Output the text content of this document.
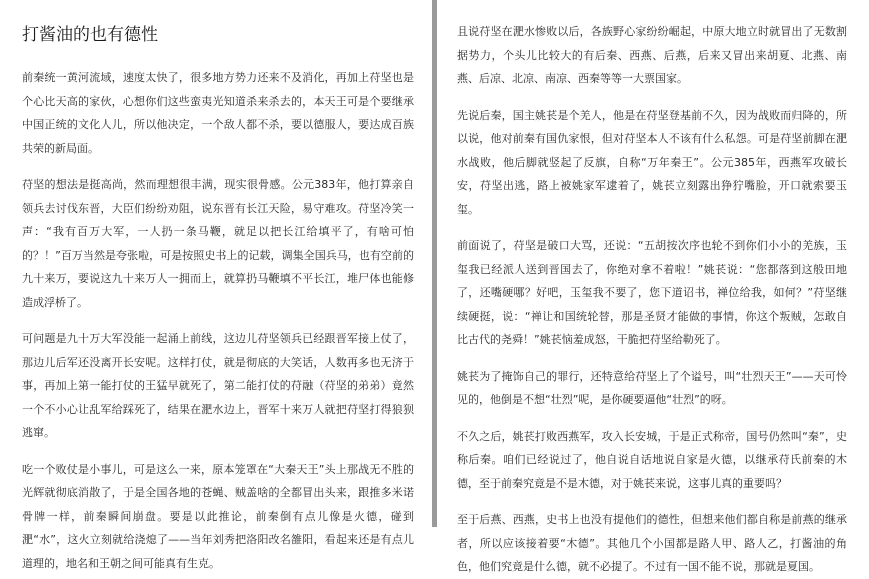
打酱油的也有德性

前秦统一黄河流域，速度太快了，很多地方势力还来不及消化，再加上苻坚也是个心比天高的家伙，心想你们这些蛮夷光知道杀来杀去的，本天王可是个要继承中国正统的文化人儿，所以他决定，一个敌人都不杀，要以德服人，要达成百族共荣的新局面。

苻坚的想法是挺高尚，然而理想很丰满，现实很骨感。公元383年，他打算亲自领兵去讨伐东晋，大臣们纷纷劝阻，说东晋有长江天险，易守难攻。苻坚冷笑一声：“我有百万大军，一人扔一条马鞭，就足以把长江给填平了，有啥可怕的？！”百万当然是夸张啦，可是按照史书上的记载，调集全国兵马，也有空前的九十来万，要说这九十来万人一拥而上，就算扔马鞭填不平长江，堆尸体也能修造成浮桥了。

可问题是九十万大军没能一起涌上前线，这边儿苻坚领兵已经跟晋军接上仗了，那边儿后军还没离开长安呢。这样打仗，就是彻底的大笑话，人数再多也无济于事，再加上第一能打仗的王猛早就死了，第二能打仗的苻融（苻坚的弟弟）竟然一个不小心让乱军给踩死了，结果在淝水边上，晋军十来万人就把苻坚打得狼狈逃窜。

吃一个败仗是小事儿，可是这么一来，原本笼罩在“大秦天王”头上那战无不胜的光辉就彻底消散了，于是全国各地的苍蝇、贼盖啥的全都冒出头来，跟推多米诺骨牌一样，前秦瞬间崩盘。要是以此推论，前秦倒有点儿像是火德，碰到淝“水”，这火立刻就给浇熄了——当年刘秀把洛阳改名雒阳，看起来还是有点儿道理的，地名和王朝之间可能真有生克。

且说苻坚在淝水惨败以后，各族野心家纷纷崛起，中原大地立时就冒出了无数割据势力，个头儿比较大的有后秦、西燕、后燕，后来又冒出来胡夏、北燕、南燕、后凉、北凉、南凉、西秦等等一大票国家。

先说后秦，国主姚苌是个羌人，他是在苻坚登基前不久，因为战败而归降的，所以说，他对前秦有国仇家恨，但对苻坚本人不该有什么私怨。可是苻坚前脚在淝水战败，他后脚就竖起了反旗，自称“万年秦王”。公元385年，西燕军攻破长安，苻坚出逃，路上被姚家军逮着了，姚苌立刻露出狰狞嘴脸，开口就索要玉玺。

前面说了，苻坚是破口大骂，还说：“五胡按次序也轮不到你们小小的羌族，玉玺我已经派人送到晋国去了，你绝对拿不着啦！”姚苌说：“您都落到这般田地了，还嘴硬哪？好吧，玉玺我不要了，您下道诏书，禅位给我，如何？”苻坚继续硬挺，说：“禅让和国统轮替，那是圣贤才能做的事情，你这个叛贼，怎敢自比古代的尧舜！”姚苌恼羞成怒，干脆把苻坚给勒死了。

姚苌为了掩饰自己的罪行，还特意给苻坚上了个谥号，叫“壮烈天王”——天可怜见的，他倒是不想“壮烈”呢，是你硬要逼他“壮烈”的呀。

不久之后，姚苌打败西燕军，攻入长安城，于是正式称帝，国号仍然叫“秦”，史称后秦。咱们已经说过了，他自说自话地说自家是火德，以继承苻氏前秦的木德，至于前秦究竟是不是木德，对于姚苌来说，这事儿真的重要吗？

至于后燕、西燕，史书上也没有提他们的德性，但想来他们都自称是前燕的继承者，所以应该接着要“木德”。其他几个小国都是路人甲、路人乙，打酱油的角色，他们究竟是什么德，就不必提了。不过有一国不能不说，那就是夏国。
